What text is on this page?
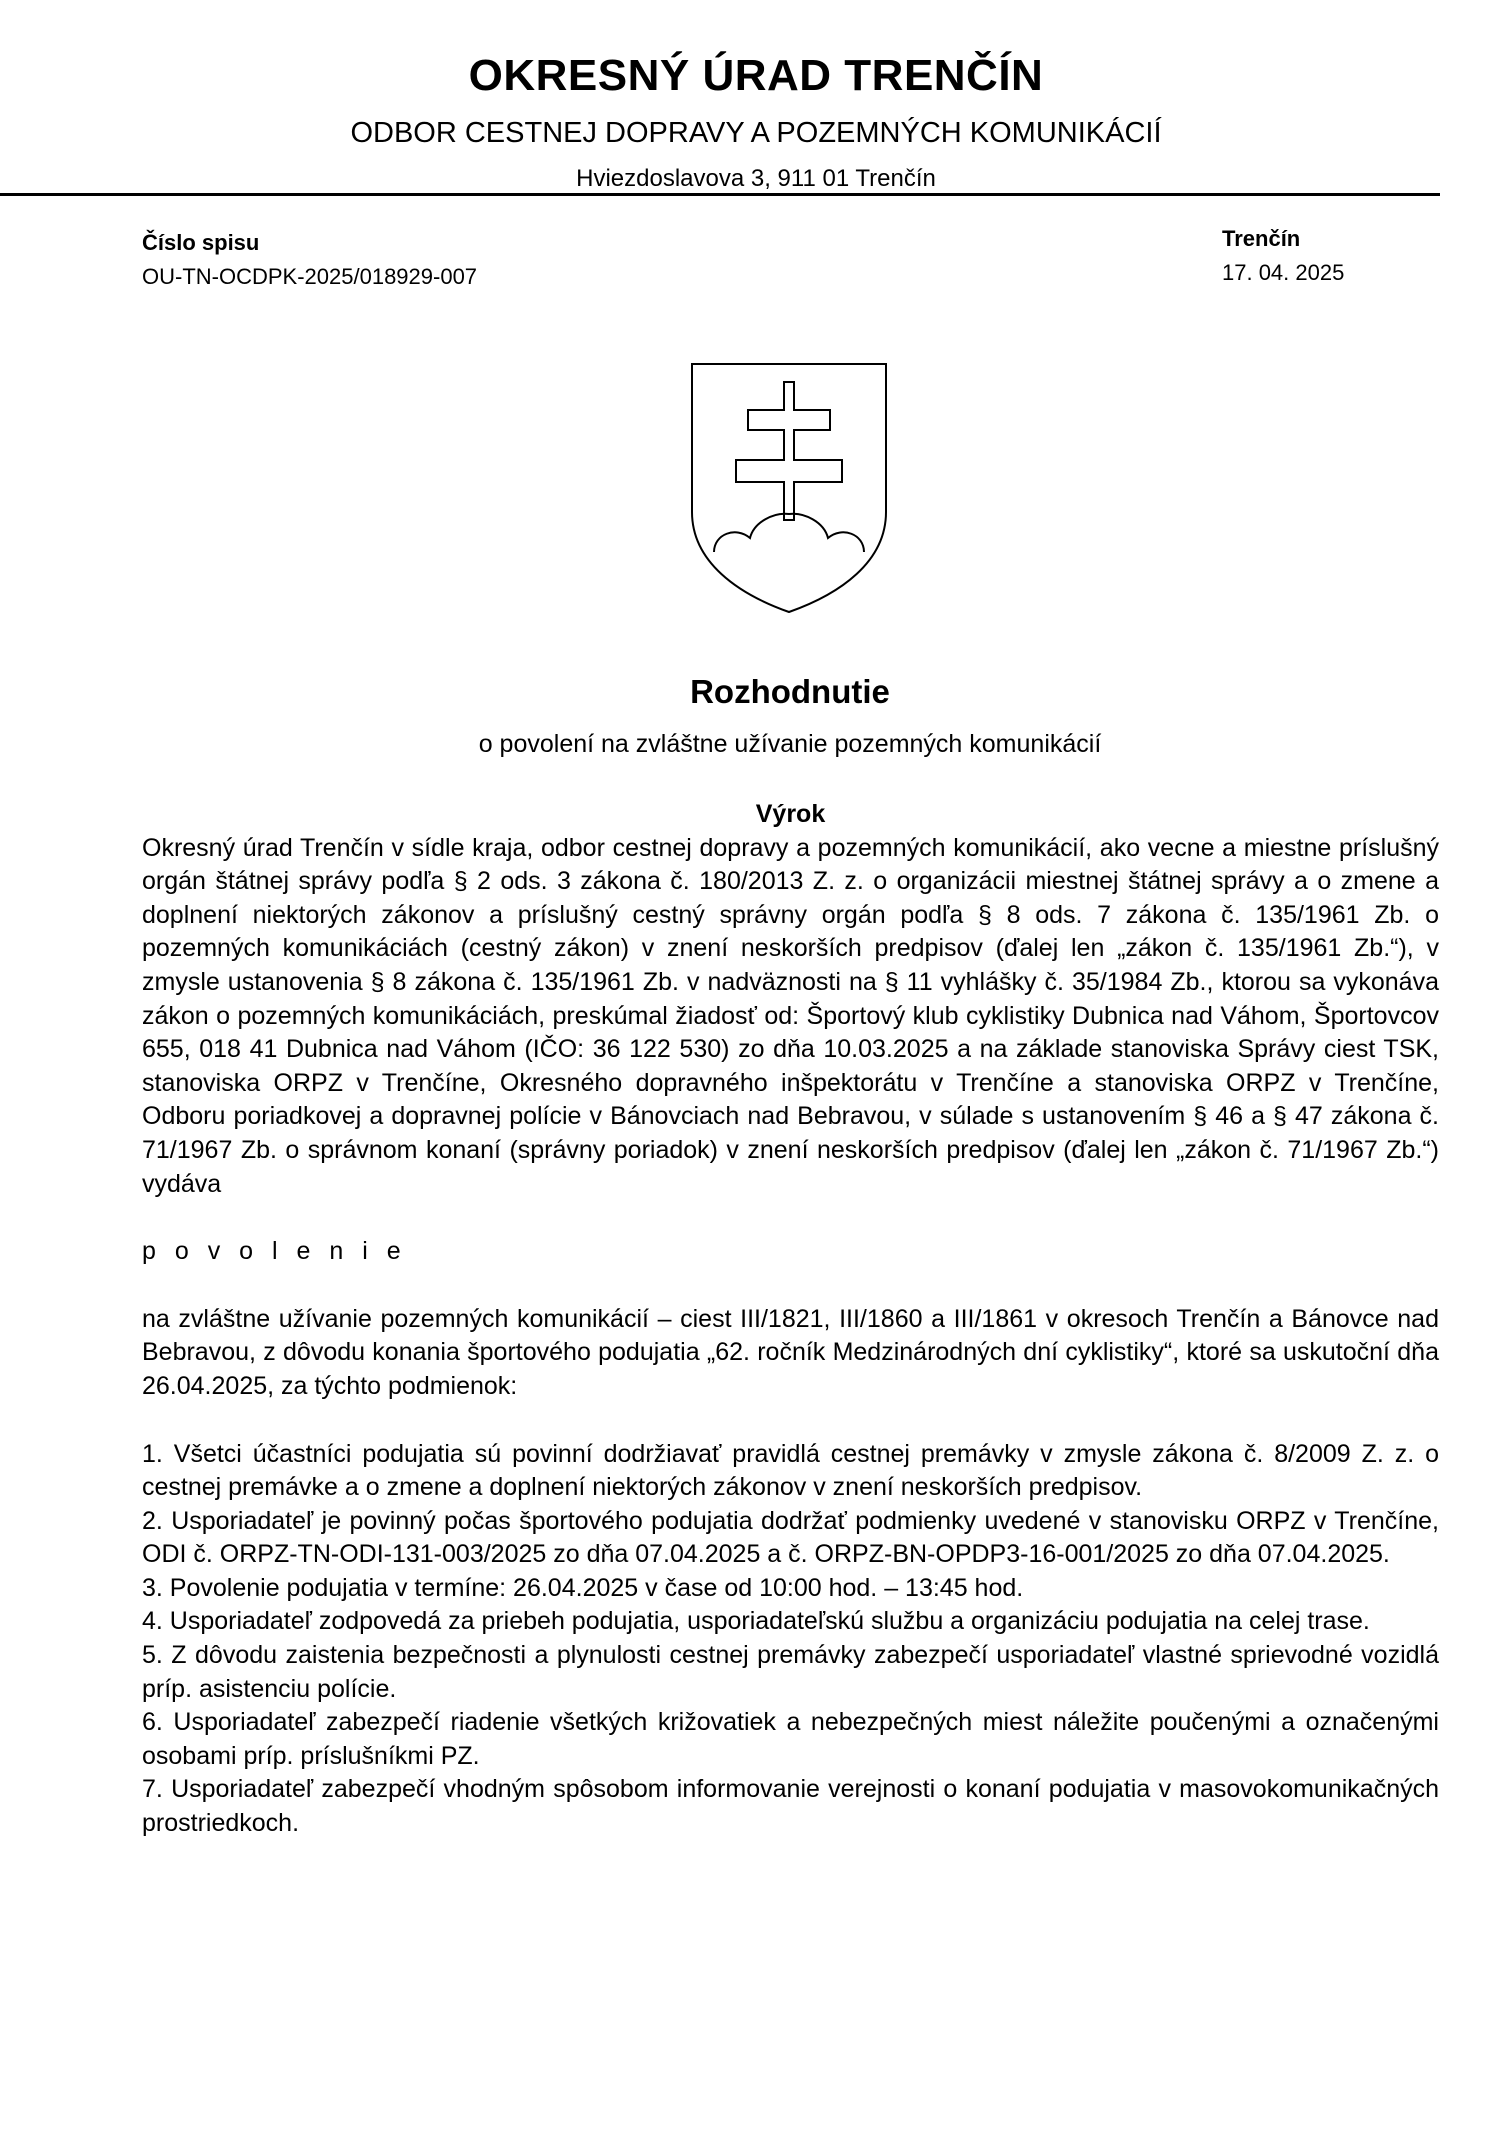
OKRESNÝ ÚRAD TRENČÍN

ODBOR CESTNEJ DOPRAVY A POZEMNÝCH KOMUNIKÁCIÍ

Hviezdoslavova 3, 911 01 Trenčín

Číslo spisu
OU-TN-OCDPK-2025/018929-007
Trenčín
17. 04. 2025

Rozhodnutie

o povolení na zvláštne užívanie pozemných komunikácií

Výrok

Okresný úrad Trenčín v sídle kraja, odbor cestnej dopravy a pozemných komunikácií, ako vecne a miestne príslušný orgán štátnej správy podľa § 2 ods. 3 zákona č. 180/2013 Z. z. o organizácii miestnej štátnej správy a o zmene a doplnení niektorých zákonov a príslušný cestný správny orgán podľa § 8 ods. 7 zákona č. 135/1961 Zb. o pozemných komunikáciách (cestný zákon) v znení neskorších predpisov (ďalej len „zákon č. 135/1961 Zb.“), v zmysle ustanovenia § 8 zákona č. 135/1961 Zb. v nadväznosti na § 11 vyhlášky č. 35/1984 Zb., ktorou sa vykonáva zákon o pozemných komunikáciách, preskúmal žiadosť od: Športový klub cyklistiky Dubnica nad Váhom, Športovcov 655, 018 41 Dubnica nad Váhom (IČO: 36 122 530) zo dňa 10.03.2025 a na základe stanoviska Správy ciest TSK, stanoviska ORPZ v Trenčíne, Okresného dopravného inšpektorátu v Trenčíne a stanoviska ORPZ v Trenčíne, Odboru poriadkovej a dopravnej polície v Bánovciach nad Bebravou, v súlade s ustanovením § 46 a § 47 zákona č. 71/1967 Zb. o správnom konaní (správny poriadok) v znení neskorších predpisov (ďalej len „zákon č. 71/1967 Zb.“) vydáva

p o v o l e n i e

na zvláštne užívanie pozemných komunikácií – ciest III/1821, III/1860 a III/1861 v okresoch Trenčín a Bánovce nad Bebravou, z dôvodu konania športového podujatia „62. ročník Medzinárodných dní cyklistiky“, ktoré sa uskutoční dňa 26.04.2025, za týchto podmienok:

1. Všetci účastníci podujatia sú povinní dodržiavať pravidlá cestnej premávky v zmysle zákona č. 8/2009 Z. z. o cestnej premávke a o zmene a doplnení niektorých zákonov v znení neskorších predpisov.
2. Usporiadateľ je povinný počas športového podujatia dodržať podmienky uvedené v stanovisku ORPZ v Trenčíne, ODI č. ORPZ-TN-ODI-131-003/2025 zo dňa 07.04.2025 a č. ORPZ-BN-OPDP3-16-001/2025 zo dňa 07.04.2025.
3. Povolenie podujatia v termíne: 26.04.2025 v čase od 10:00 hod. – 13:45 hod.
4. Usporiadateľ zodpovedá za priebeh podujatia, usporiadateľskú službu a organizáciu podujatia na celej trase.
5. Z dôvodu zaistenia bezpečnosti a plynulosti cestnej premávky zabezpečí usporiadateľ vlastné sprievodné vozidlá príp. asistenciu polície.
6. Usporiadateľ zabezpečí riadenie všetkých križovatiek a nebezpečných miest náležite poučenými a označenými osobami príp. príslušníkmi PZ.
7. Usporiadateľ zabezpečí vhodným spôsobom informovanie verejnosti o konaní podujatia v masovokomunikačných prostriedkoch.
